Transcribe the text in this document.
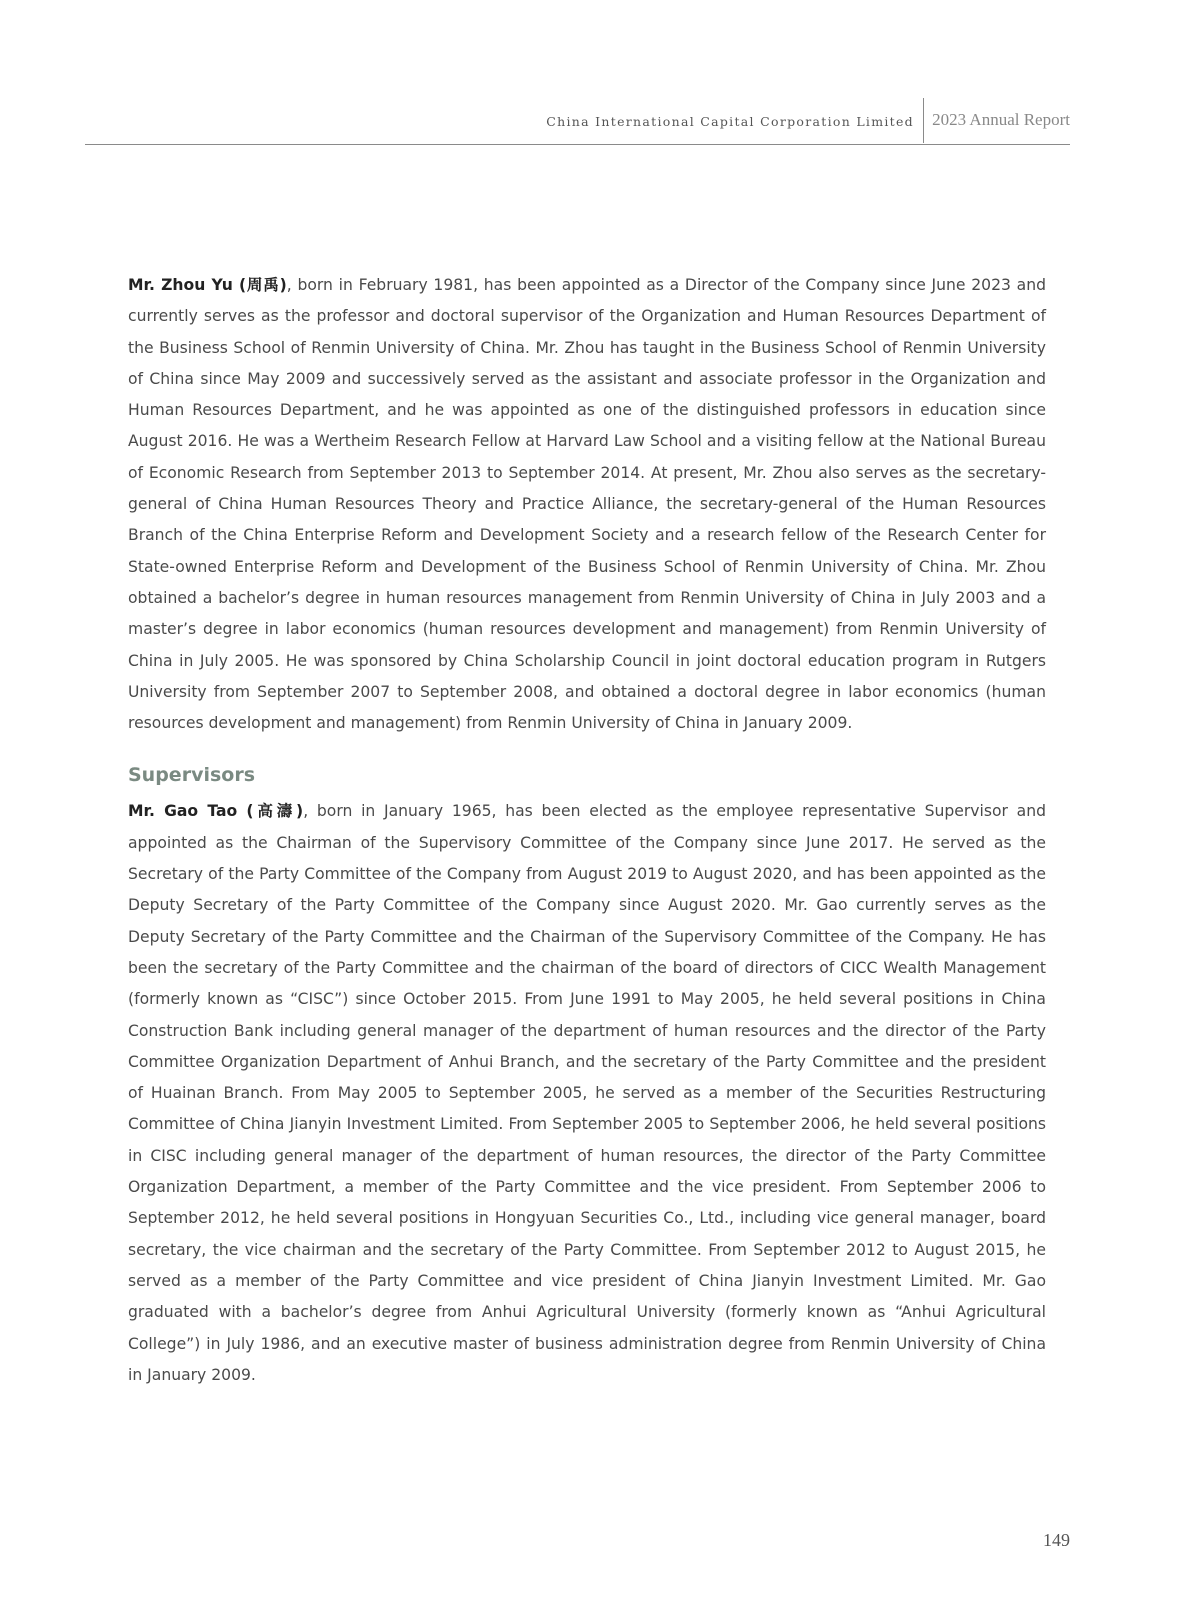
China International Capital Corporation Limited 2023 Annual Report

Mr. Zhou Yu (周禹), born in February 1981, has been appointed as a Director of the Company since June 2023 and currently serves as the professor and doctoral supervisor of the Organization and Human Resources Department of the Business School of Renmin University of China. Mr. Zhou has taught in the Business School of Renmin University of China since May 2009 and successively served as the assistant and associate professor in the Organization and Human Resources Department, and he was appointed as one of the distinguished professors in education since August 2016. He was a Wertheim Research Fellow at Harvard Law School and a visiting fellow at the National Bureau of Economic Research from September 2013 to September 2014. At present, Mr. Zhou also serves as the secretary-general of China Human Resources Theory and Practice Alliance, the secretary-general of the Human Resources Branch of the China Enterprise Reform and Development Society and a research fellow of the Research Center for State-owned Enterprise Reform and Development of the Business School of Renmin University of China. Mr. Zhou obtained a bachelor’s degree in human resources management from Renmin University of China in July 2003 and a master’s degree in labor economics (human resources development and management) from Renmin University of China in July 2005. He was sponsored by China Scholarship Council in joint doctoral education program in Rutgers University from September 2007 to September 2008, and obtained a doctoral degree in labor economics (human resources development and management) from Renmin University of China in January 2009.

Supervisors

Mr. Gao Tao (高濤), born in January 1965, has been elected as the employee representative Supervisor and appointed as the Chairman of the Supervisory Committee of the Company since June 2017. He served as the Secretary of the Party Committee of the Company from August 2019 to August 2020, and has been appointed as the Deputy Secretary of the Party Committee of the Company since August 2020. Mr. Gao currently serves as the Deputy Secretary of the Party Committee and the Chairman of the Supervisory Committee of the Company. He has been the secretary of the Party Committee and the chairman of the board of directors of CICC Wealth Management (formerly known as “CISC”) since October 2015. From June 1991 to May 2005, he held several positions in China Construction Bank including general manager of the department of human resources and the director of the Party Committee Organization Department of Anhui Branch, and the secretary of the Party Committee and the president of Huainan Branch. From May 2005 to September 2005, he served as a member of the Securities Restructuring Committee of China Jianyin Investment Limited. From September 2005 to September 2006, he held several positions in CISC including general manager of the department of human resources, the director of the Party Committee Organization Department, a member of the Party Committee and the vice president. From September 2006 to September 2012, he held several positions in Hongyuan Securities Co., Ltd., including vice general manager, board secretary, the vice chairman and the secretary of the Party Committee. From September 2012 to August 2015, he served as a member of the Party Committee and vice president of China Jianyin Investment Limited. Mr. Gao graduated with a bachelor’s degree from Anhui Agricultural University (formerly known as “Anhui Agricultural College”) in July 1986, and an executive master of business administration degree from Renmin University of China in January 2009.

149
